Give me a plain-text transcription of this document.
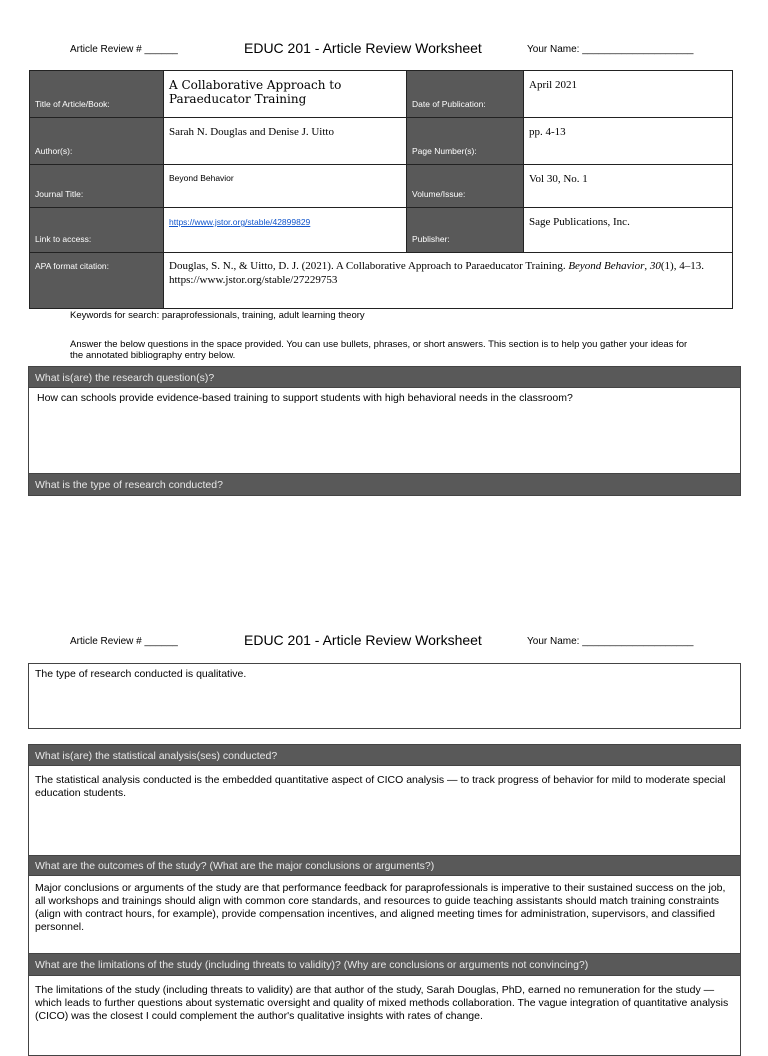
Article Review # ______	EDUC 201 - Article Review Worksheet	Your Name: ____________________
Title of Article/Book:	A Collaborative Approach to Paraeducator Training	Date of Publication:	April 2021
Author(s):	Sarah N. Douglas and Denise J. Uitto	Page Number(s):	pp. 4-13
Journal Title:	Beyond Behavior	Volume/Issue:	Vol 30, No. 1
Link to access:	https://www.jstor.org/stable/42899829	Publisher:	Sage Publications, Inc.
APA format citation:	Douglas, S. N., & Uitto, D. J. (2021). A Collaborative Approach to Paraeducator Training. Beyond Behavior, 30(1), 4–13.
https://www.jstor.org/stable/27229753		
Keywords for search: paraprofessionals, training, adult learning theory
Answer the below questions in the space provided. You can use bullets, phrases, or short answers. This section is to help you gather your ideas for the annotated bibliography entry below.
What is(are) the research question(s)?
How can schools provide evidence-based training to support students with high behavioral needs in the classroom?
What is the type of research conducted?
Article Review # ______	EDUC 201 - Article Review Worksheet	Your Name: ____________________
The type of research conducted is qualitative.
What is(are) the statistical analysis(ses) conducted?
The statistical analysis conducted is the embedded quantitative aspect of CICO analysis — to track progress of behavior for mild to moderate special education students.
What are the outcomes of the study? (What are the major conclusions or arguments?)
Major conclusions or arguments of the study are that performance feedback for paraprofessionals is imperative to their sustained success on the job, all workshops and trainings should align with common core standards, and resources to guide teaching assistants should match training constraints (align with contract hours, for example), provide compensation incentives, and aligned meeting times for administration, supervisors, and classified personnel.
What are the limitations of the study (including threats to validity)? (Why are conclusions or arguments not convincing?)
The limitations of the study (including threats to validity) are that author of the study, Sarah Douglas, PhD, earned no remuneration for the study — which leads to further questions about systematic oversight and quality of mixed methods collaboration. The vague integration of quantitative analysis (CICO) was the closest I could complement the author's qualitative insights with rates of change.
